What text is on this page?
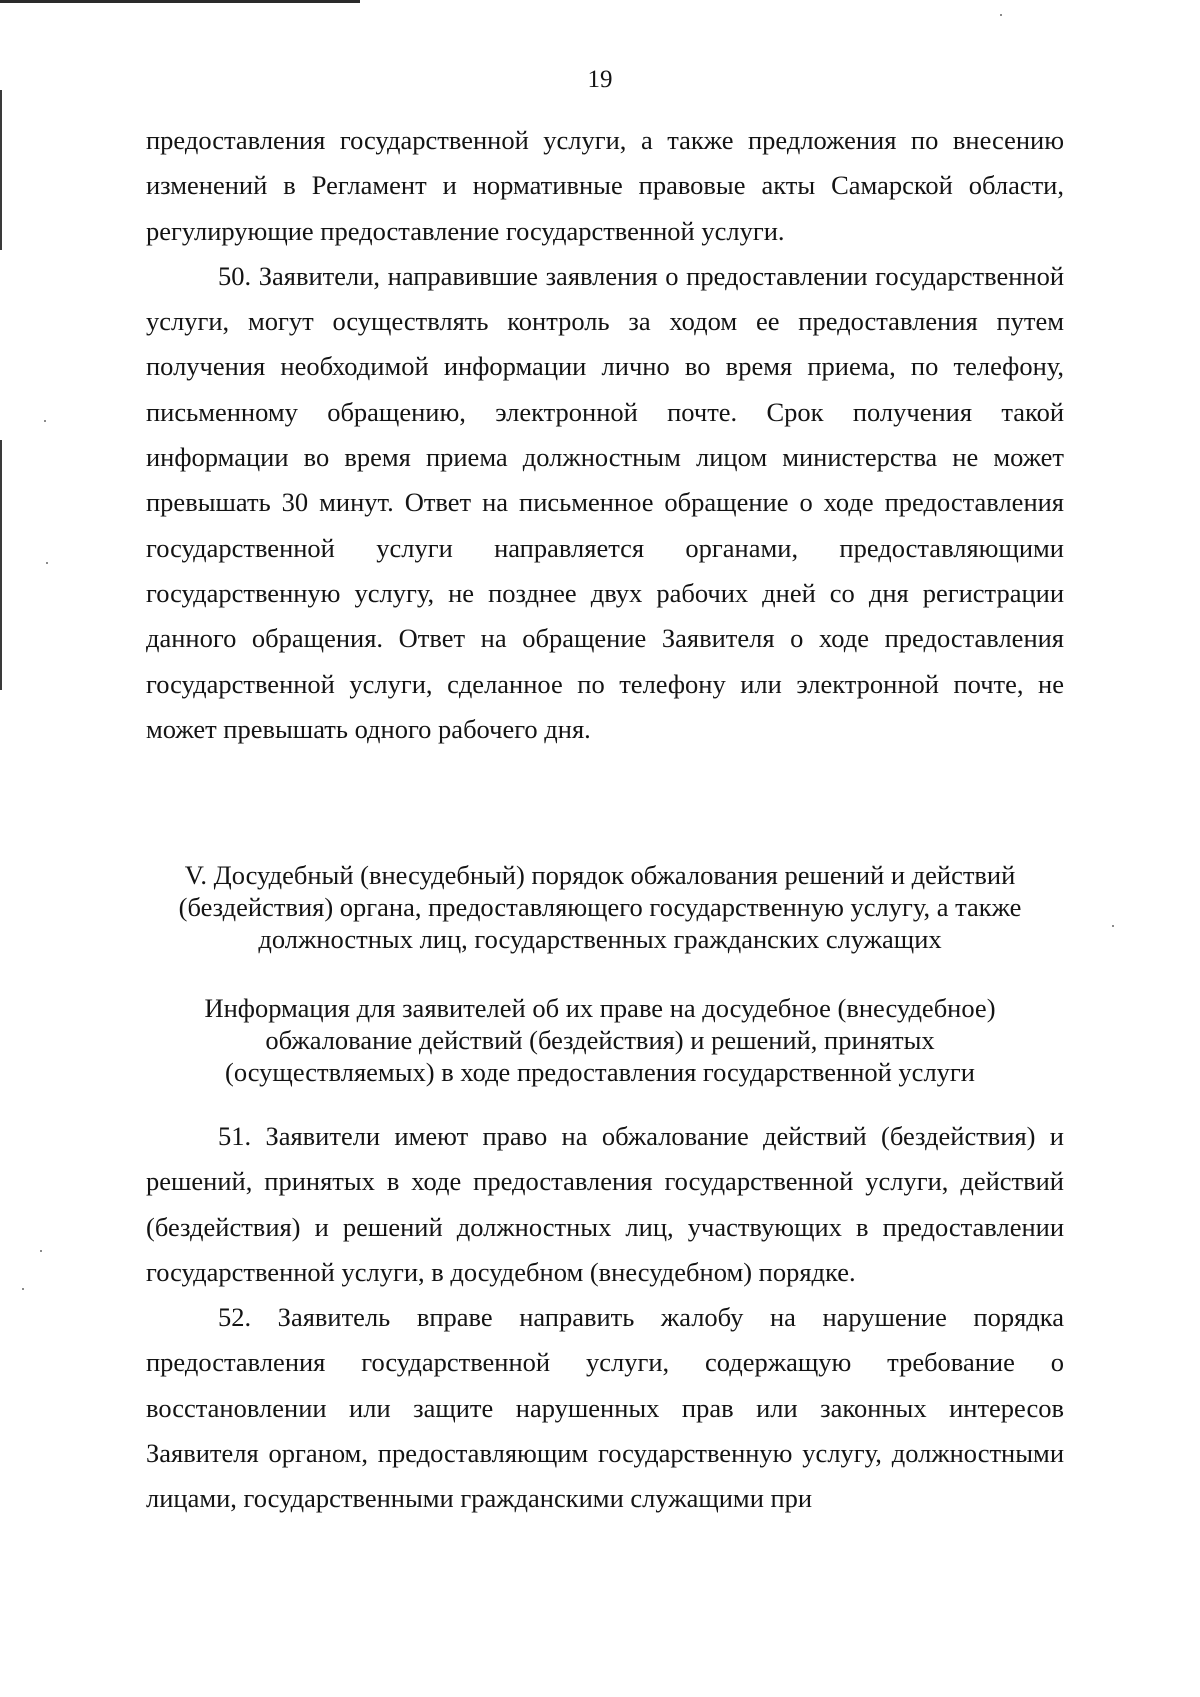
19

предоставления государственной услуги, а также предложения по внесению изменений в Регламент и нормативные правовые акты Самарской области, регулирующие предоставление государственной услуги.

50. Заявители, направившие заявления о предоставлении государственной услуги, могут осуществлять контроль за ходом ее предоставления путем получения необходимой информации лично во время приема, по телефону, письменному обращению, электронной почте. Срок получения такой информации во время приема должностным лицом министерства не может превышать 30 минут. Ответ на письменное обращение о ходе предоставления государственной услуги направляется органами, предоставляющими государственную услугу, не позднее двух рабочих дней со дня регистрации данного обращения. Ответ на обращение Заявителя о ходе предоставления государственной услуги, сделанное по телефону или электронной почте, не может превышать одного рабочего дня.

V. Досудебный (внесудебный) порядок обжалования решений и действий
(бездействия) органа, предоставляющего государственную услугу, а также
должностных лиц, государственных гражданских служащих
Информация для заявителей об их праве на досудебное (внесудебное)
обжалование действий (бездействия) и решений, принятых
(осуществляемых) в ходе предоставления государственной услуги

51. Заявители имеют право на обжалование действий (бездействия) и решений, принятых в ходе предоставления государственной услуги, действий (бездействия) и решений должностных лиц, участвующих в предоставлении государственной услуги, в досудебном (внесудебном) порядке.

52. Заявитель вправе направить жалобу на нарушение порядка предоставления государственной услуги, содержащую требование о восстановлении или защите нарушенных прав или законных интересов Заявителя органом, предоставляющим государственную услугу, должностными лицами, государственными гражданскими служащими при
